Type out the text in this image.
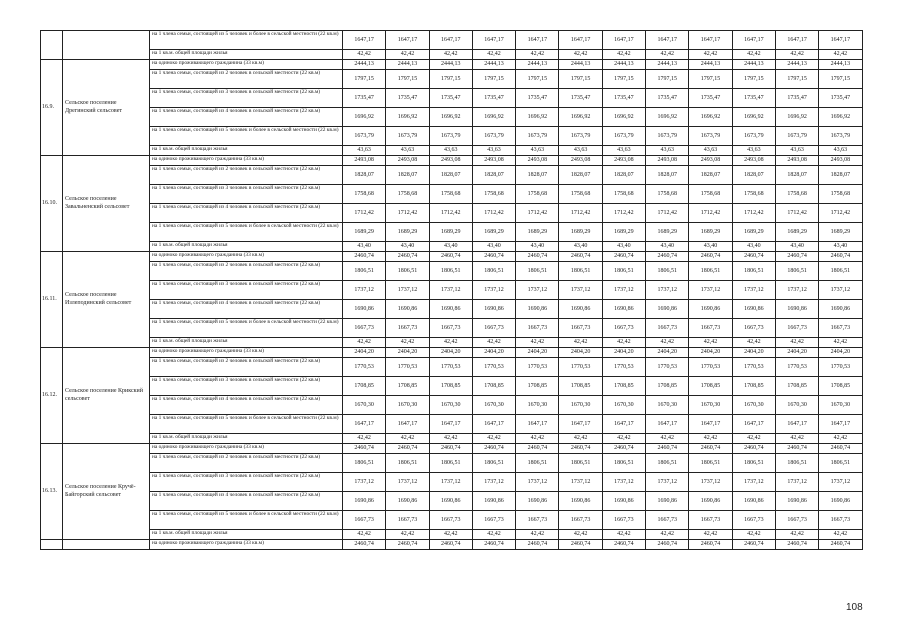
		на 1 члена семьи, состоящей из 5 человек и более в сельской местности (22 кв.м)	1647,17	1647,17	1647,17	1647,17	1647,17	1647,17	1647,17	1647,17	1647,17	1647,17	1647,17	1647,17
		на 1 кв.м. общей площади жилья	42,42	42,42	42,42	42,42	42,42	42,42	42,42	42,42	42,42	42,42	42,42	42,42
16.9.	Сельское поселение Дрeгинский сельсовет	на одиноко проживающего гражданина (33 кв.м)	2444,13	2444,13	2444,13	2444,13	2444,13	2444,13	2444,13	2444,13	2444,13	2444,13	2444,13	2444,13
		на 1 члена семьи, состоящей из 2 человек в сельской местности (22 кв.м)	1797,15	1797,15	1797,15	1797,15	1797,15	1797,15	1797,15	1797,15	1797,15	1797,15	1797,15	1797,15
		на 1 члена семьи, состоящей из 3 человек в сельской местности (22 кв.м)	1735,47	1735,47	1735,47	1735,47	1735,47	1735,47	1735,47	1735,47	1735,47	1735,47	1735,47	1735,47
		на 1 члена семьи, состоящей из 4 человек в сельской местности (22 кв.м)	1696,92	1696,92	1696,92	1696,92	1696,92	1696,92	1696,92	1696,92	1696,92	1696,92	1696,92	1696,92
		на 1 члена семьи, состоящей из 5 человек и более в сельской местности (22 кв.м)	1673,79	1673,79	1673,79	1673,79	1673,79	1673,79	1673,79	1673,79	1673,79	1673,79	1673,79	1673,79
		на 1 кв.м. общей площади жилья	43,63	43,63	43,63	43,63	43,63	43,63	43,63	43,63	43,63	43,63	43,63	43,63
16.10.	Сельское поселение Завальненский сельсовет	на одиноко проживающего гражданина (33 кв.м)	2493,08	2493,08	2493,08	2493,08	2493,08	2493,08	2493,08	2493,08	2493,08	2493,08	2493,08	2493,08
		на 1 члена семьи, состоящей из 2 человек в сельской местности (22 кв.м)	1828,07	1828,07	1828,07	1828,07	1828,07	1828,07	1828,07	1828,07	1828,07	1828,07	1828,07	1828,07
		на 1 члена семьи, состоящей из 3 человек в сельской местности (22 кв.м)	1758,68	1758,68	1758,68	1758,68	1758,68	1758,68	1758,68	1758,68	1758,68	1758,68	1758,68	1758,68
		на 1 члена семьи, состоящей из 4 человек в сельской местности (22 кв.м)	1712,42	1712,42	1712,42	1712,42	1712,42	1712,42	1712,42	1712,42	1712,42	1712,42	1712,42	1712,42
		на 1 члена семьи, состоящей из 5 человек и более в сельской местности (22 кв.м)	1689,29	1689,29	1689,29	1689,29	1689,29	1689,29	1689,29	1689,29	1689,29	1689,29	1689,29	1689,29
		на 1 кв.м. общей площади жилья	43,40	43,40	43,40	43,40	43,40	43,40	43,40	43,40	43,40	43,40	43,40	43,40
16.11.	Сельское поселение Излеподинский сельсовет	на одиноко проживающего гражданина (33 кв.м)	2460,74	2460,74	2460,74	2460,74	2460,74	2460,74	2460,74	2460,74	2460,74	2460,74	2460,74	2460,74
		на 1 члена семьи, состоящей из 2 человек в сельской местности (22 кв.м)	1806,51	1806,51	1806,51	1806,51	1806,51	1806,51	1806,51	1806,51	1806,51	1806,51	1806,51	1806,51
		на 1 члена семьи, состоящей из 3 человек в сельской местности (22 кв.м)	1737,12	1737,12	1737,12	1737,12	1737,12	1737,12	1737,12	1737,12	1737,12	1737,12	1737,12	1737,12
		на 1 члена семьи, состоящей из 4 человек в сельской местности (22 кв.м)	1690,86	1690,86	1690,86	1690,86	1690,86	1690,86	1690,86	1690,86	1690,86	1690,86	1690,86	1690,86
		на 1 члена семьи, состоящей из 5 человек и более в сельской местности (22 кв.м)	1667,73	1667,73	1667,73	1667,73	1667,73	1667,73	1667,73	1667,73	1667,73	1667,73	1667,73	1667,73
		на 1 кв.м. общей площади жилья	42,42	42,42	42,42	42,42	42,42	42,42	42,42	42,42	42,42	42,42	42,42	42,42
16.12.	Сельское поселение Крикский сельсовет	на одиноко проживающего гражданина (33 кв.м)	2404,20	2404,20	2404,20	2404,20	2404,20	2404,20	2404,20	2404,20	2404,20	2404,20	2404,20	2404,20
		на 1 члена семьи, состоящей из 2 человек в сельской местности (22 кв.м)	1770,53	1770,53	1770,53	1770,53	1770,53	1770,53	1770,53	1770,53	1770,53	1770,53	1770,53	1770,53
		на 1 члена семьи, состоящей из 3 человек в сельской местности (22 кв.м)	1708,85	1708,85	1708,85	1708,85	1708,85	1708,85	1708,85	1708,85	1708,85	1708,85	1708,85	1708,85
		на 1 члена семьи, состоящей из 4 человек в сельской местности (22 кв.м)	1670,30	1670,30	1670,30	1670,30	1670,30	1670,30	1670,30	1670,30	1670,30	1670,30	1670,30	1670,30
		на 1 члена семьи, состоящей из 5 человек и более в сельской местности (22 кв.м)	1647,17	1647,17	1647,17	1647,17	1647,17	1647,17	1647,17	1647,17	1647,17	1647,17	1647,17	1647,17
		на 1 кв.м. общей площади жилья	42,42	42,42	42,42	42,42	42,42	42,42	42,42	42,42	42,42	42,42	42,42	42,42
16.13.	Сельское поселение Кручё-Байгорский сельсовет	на одиноко проживающего гражданина (33 кв.м)	2460,74	2460,74	2460,74	2460,74	2460,74	2460,74	2460,74	2460,74	2460,74	2460,74	2460,74	2460,74
		на 1 члена семьи, состоящей из 2 человек в сельской местности (22 кв.м)	1806,51	1806,51	1806,51	1806,51	1806,51	1806,51	1806,51	1806,51	1806,51	1806,51	1806,51	1806,51
		на 1 члена семьи, состоящей из 3 человек в сельской местности (22 кв.м)	1737,12	1737,12	1737,12	1737,12	1737,12	1737,12	1737,12	1737,12	1737,12	1737,12	1737,12	1737,12
		на 1 члена семьи, состоящей из 4 человек в сельской местности (22 кв.м)	1690,86	1690,86	1690,86	1690,86	1690,86	1690,86	1690,86	1690,86	1690,86	1690,86	1690,86	1690,86
		на 1 члена семьи, состоящей из 5 человек и более в сельской местности (22 кв.м)	1667,73	1667,73	1667,73	1667,73	1667,73	1667,73	1667,73	1667,73	1667,73	1667,73	1667,73	1667,73
		на 1 кв.м. общей площади жилья	42,42	42,42	42,42	42,42	42,42	42,42	42,42	42,42	42,42	42,42	42,42	42,42
		на одиноко проживающего гражданина (33 кв.м)	2460,74	2460,74	2460,74	2460,74	2460,74	2460,74	2460,74	2460,74	2460,74	2460,74	2460,74	2460,74
108
